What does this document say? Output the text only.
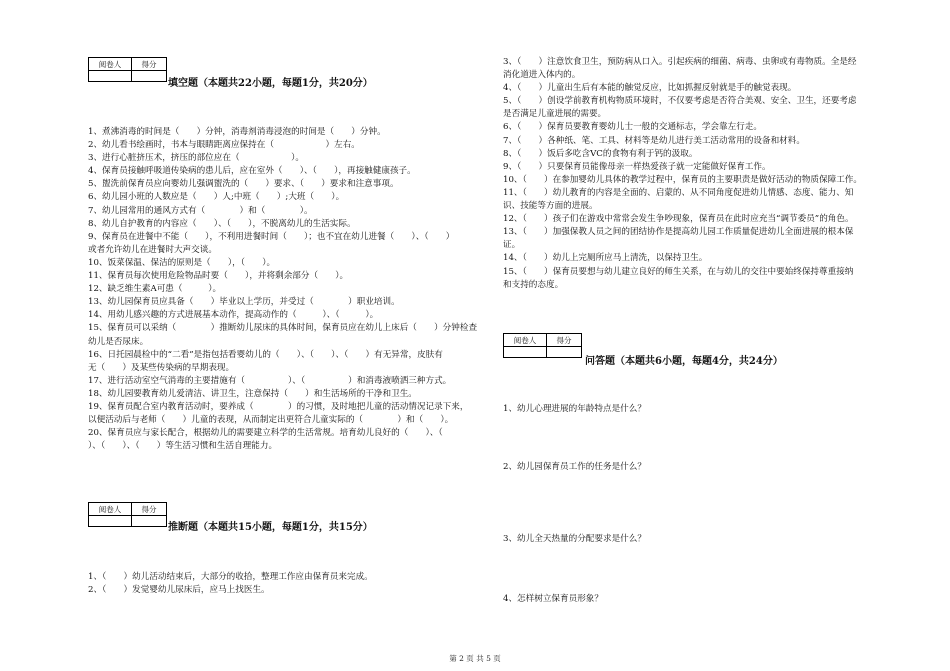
阅卷人	得分

填空题（本题共22小题，每题1分，共20分）
1、煮沸消毒的时间是（　　）分钟，消毒剂消毒浸泡的时间是（　　）分钟。
2、幼儿看书绘画时，书本与眼睛距离应保持在（　　　　　　）左右。
3、进行心脏挤压术，挤压的部位应在（　　　　　　）。
4、保育员接触呼吸道传染病的患儿后，应在室外（　　）、（　　），再接触健康孩子。
5、盥洗前保育员应向婴幼儿强调盥洗的（　　）要求、（　　）要求和注意事项。
6、幼儿园小班的人数应是（　　）人;中班（　　）;大班（　　）。
7、幼儿园常用的通风方式有（　　　　）和（　　　　）。
8、幼儿自护教育的内容应（　　）、（　　），不脱离幼儿的生活实际。
9、保育员在进餐中不能（　　），不利用进餐时间（　　）；也不宜在幼儿进餐（　　）、（　　）
或者允许幼儿在进餐时大声交谈。
10、饭菜保温、保洁的原则是（　　），（　　）。
11、保育员每次使用危险物品时要（　　），并将剩余部分（　　）。
12、缺乏维生素A可患（　　　）。
13、幼儿园保育员应具备（　　）毕业以上学历，并受过（　　　　）职业培训。
14、用幼儿感兴趣的方式进展基本动作，提高动作的（　　　）、（　　　）。
15、保育员可以采纳（　　　　）推断幼儿尿床的具体时间，保育员应在幼儿上床后（　　）分钟检查
幼儿是否尿床。
16、日托园晨检中的“二看”是指包括看婴幼儿的（　　）、（　　）、（　　）有无异常，皮肤有
无（　　）及某些传染病的早期表现。
17、进行活动室空气消毒的主要措施有（　　　　　）、（　　　　　）和消毒液喷洒三种方式。
18、幼儿园要教育幼儿爱清洁、讲卫生，注意保持（　　）和生活场所的干净和卫生。
19、保育员配合室内教育活动时，要养成（　　　　）的习惯，及时地把儿童的活动情况记录下来，
以便活动后与老师（　　）儿童的表现，从而制定出更符合儿童实际的（　　　　）和（　　）。
20、保育员应与家长配合，根据幼儿的需要建立科学的生活常规。培育幼儿良好的（　　）、（　　
）、（　　）、（　　）等生活习惯和生活自理能力。
阅卷人	得分

推断题（本题共15小题，每题1分，共15分）
1、（　　）幼儿活动结束后，大部分的收拾，整理工作应由保育员来完成。
2、（　　）发觉婴幼儿尿床后，应马上找医生。
3、（　　）注意饮食卫生，预防病从口入。引起疾病的细菌、病毒、虫卵或有毒物质。全是经
消化道进入体内的。
4、（　　）儿童出生后有本能的触觉反应，比如抓握反射就是手的触觉表现。
5、（　　）创设学前教育机构物质环境时，不仅要考虑是否符合美观、安全、卫生，还要考虑
是否满足儿童进展的需要。
6、（　　）保育员要教育婴幼儿士一般的交通标志，学会靠左行走。
7、（　　）各种纸、笔、工具、材料等是幼儿进行美工活动常用的设备和材料。
8、（　　）饭后多吃含VC的食物有利于钙的汲取。
9、（　　）只要保育员能像母亲一样热爱孩子就一定能做好保育工作。
10、（　　）在参加婴幼儿具体的教学过程中，保育员的主要职责是做好活动的物质保障工作。
11、（　　）幼儿教育的内容是全面的、启蒙的、从不同角度促进幼儿情感、态度、能力、知
识、技能等方面的进展。
12、（　　）孩子们在游戏中常常会发生争吵现象，保育员在此时应充当“调节委员”的角色。
13、（　　）加强保教人员之间的团结协作是提高幼儿园工作质量促进幼儿全面进展的根本保
证。
14、（　　）幼儿上完厕所应马上清洗，以保持卫生。
15、（　　）保育员要想与幼儿建立良好的师生关系，在与幼儿的交往中要始终保持尊重接纳
和支持的态度。
阅卷人	得分

问答题（本题共6小题，每题4分，共24分）
1、幼儿心理进展的年龄特点是什么？
2、幼儿园保育员工作的任务是什么？
3、幼儿全天热量的分配要求是什么？
4、怎样树立保育员形象？
第 2 页 共 5 页
